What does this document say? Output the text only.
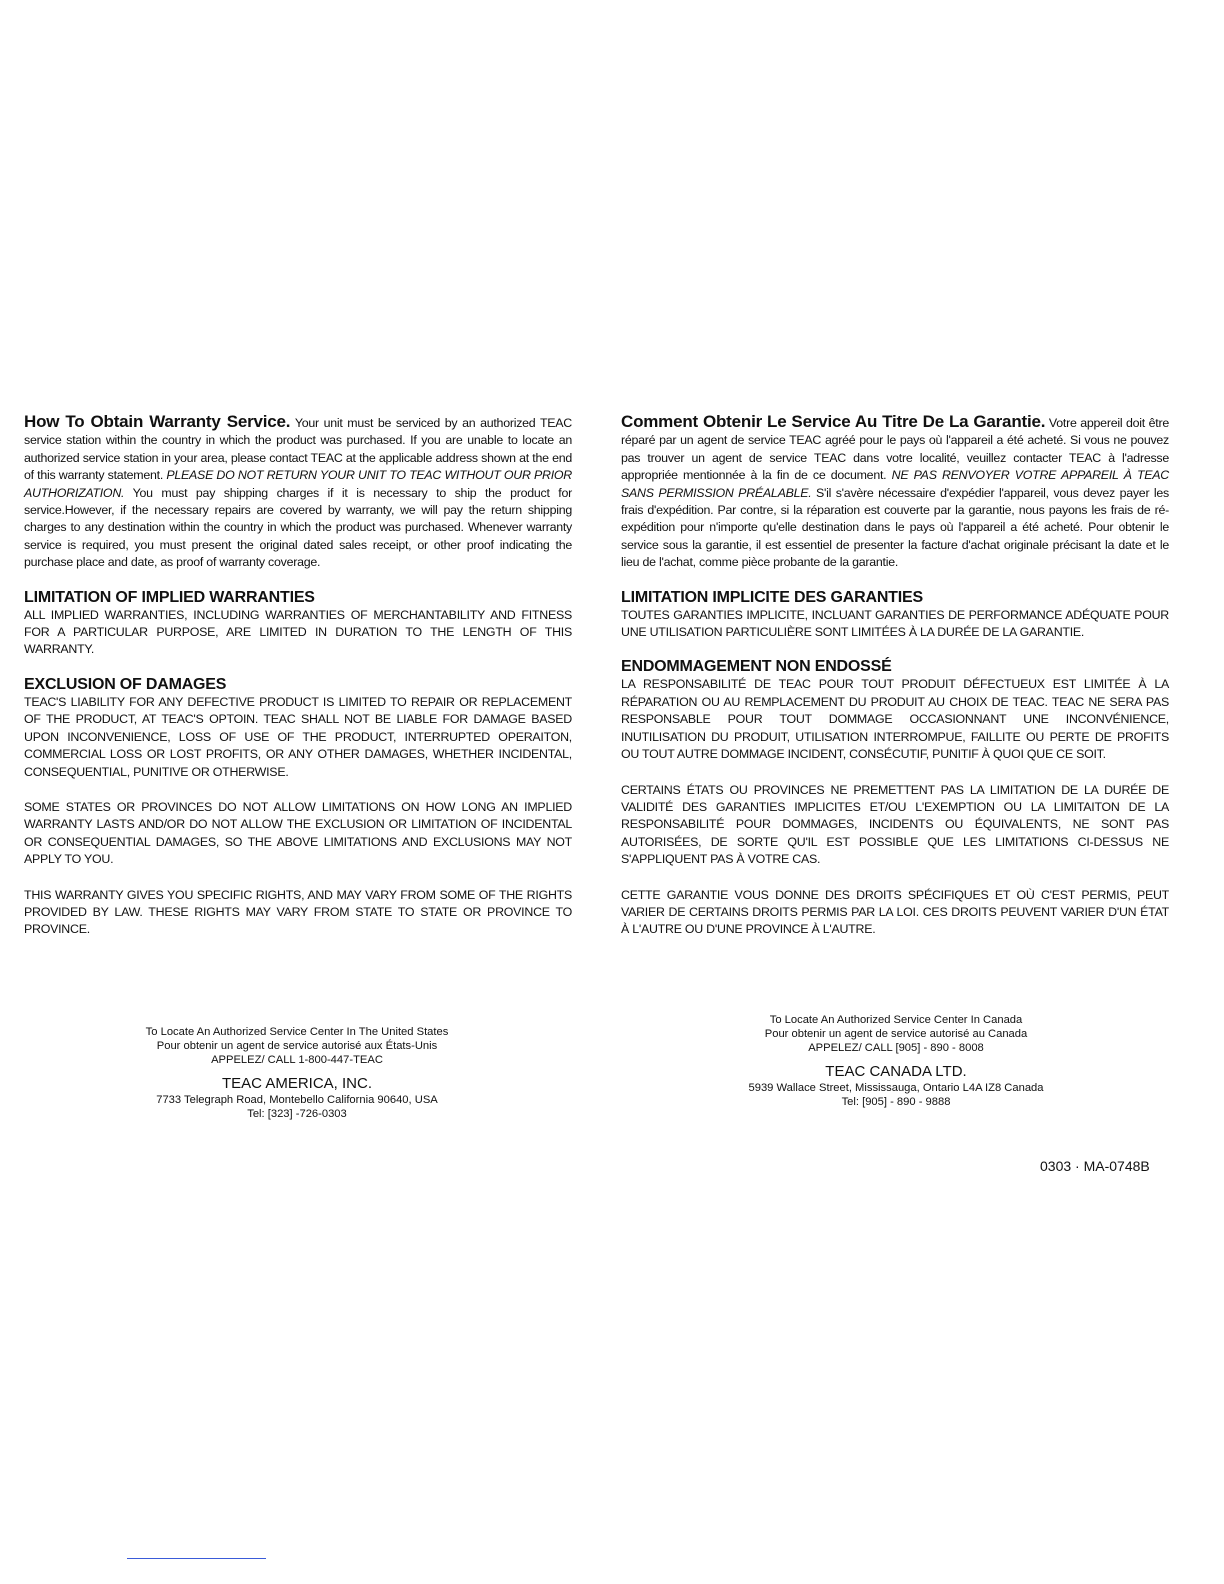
How To Obtain Warranty Service. Your unit must be serviced by an authorized TEAC service station within the country in which the product was purchased. If you are unable to locate an authorized service station in your area, please contact TEAC at the applicable address shown at the end of this warranty statement. PLEASE DO NOT RETURN YOUR UNIT TO TEAC WITHOUT OUR PRIOR AUTHORIZATION. You must pay shipping charges if it is necessary to ship the product for service.However, if the necessary repairs are covered by warranty, we will pay the return shipping charges to any destination within the country in which the product was purchased. Whenever warranty service is required, you must present the original dated sales receipt, or other proof indicating the purchase place and date, as proof of warranty coverage.

LIMITATION OF IMPLIED WARRANTIES

ALL IMPLIED WARRANTIES, INCLUDING WARRANTIES OF MERCHANTABILITY AND FITNESS FOR A PARTICULAR PURPOSE, ARE LIMITED IN DURATION TO THE LENGTH OF THIS WARRANTY.

EXCLUSION OF DAMAGES

TEAC'S LIABILITY FOR ANY DEFECTIVE PRODUCT IS LIMITED TO REPAIR OR REPLACEMENT OF THE PRODUCT, AT TEAC'S OPTOIN. TEAC SHALL NOT BE LIABLE FOR DAMAGE BASED UPON INCONVENIENCE, LOSS OF USE OF THE PRODUCT, INTERRUPTED OPERAITON, COMMERCIAL LOSS OR LOST PROFITS, OR ANY OTHER DAMAGES, WHETHER INCIDENTAL, CONSEQUENTIAL, PUNITIVE OR OTHERWISE.

SOME STATES OR PROVINCES DO NOT ALLOW LIMITATIONS ON HOW LONG AN IMPLIED WARRANTY LASTS AND/OR DO NOT ALLOW THE EXCLUSION OR LIMITATION OF INCIDENTAL OR CONSEQUENTIAL DAMAGES, SO THE ABOVE LIMITATIONS AND EXCLUSIONS MAY NOT APPLY TO YOU.

THIS WARRANTY GIVES YOU SPECIFIC RIGHTS, AND MAY VARY FROM SOME OF THE RIGHTS PROVIDED BY LAW. THESE RIGHTS MAY VARY FROM STATE TO STATE OR PROVINCE TO PROVINCE.

Comment Obtenir Le Service Au Titre De La Garantie. Votre appereil doit être réparé par un agent de service TEAC agréé pour le pays où l'appareil a été acheté. Si vous ne pouvez pas trouver un agent de service TEAC dans votre localité, veuillez contacter TEAC à l'adresse appropriée mentionnée à la fin de ce document. NE PAS RENVOYER VOTRE APPAREIL À TEAC SANS PERMISSION PRÉALABLE. S'il s'avère nécessaire d'expédier l'appareil, vous devez payer les frais d'expédition. Par contre, si la réparation est couverte par la garantie, nous payons les frais de ré-expédition pour n'importe qu'elle destination dans le pays où l'appareil a été acheté. Pour obtenir le service sous la garantie, il est essentiel de presenter la facture d'achat originale précisant la date et le lieu de l'achat, comme pièce probante de la garantie.

LIMITATION IMPLICITE DES GARANTIES

TOUTES GARANTIES IMPLICITE, INCLUANT GARANTIES DE PERFORMANCE ADÉQUATE POUR UNE UTILISATION PARTICULIÈRE SONT LIMITÉES À LA DURÉE DE LA GARANTIE.

ENDOMMAGEMENT NON ENDOSSÉ

LA RESPONSABILITÉ DE TEAC POUR TOUT PRODUIT DÉFECTUEUX EST LIMITÉE À LA RÉPARATION OU AU REMPLACEMENT DU PRODUIT AU CHOIX DE TEAC. TEAC NE SERA PAS RESPONSABLE POUR TOUT DOMMAGE OCCASIONNANT UNE INCONVÉNIENCE, INUTILISATION DU PRODUIT, UTILISATION INTERROMPUE, FAILLITE OU PERTE DE PROFITS OU TOUT AUTRE DOMMAGE INCIDENT, CONSÉCUTIF, PUNITIF À QUOI QUE CE SOIT.

CERTAINS ÉTATS OU PROVINCES NE PREMETTENT PAS LA LIMITATION DE LA DURÉE DE VALIDITÉ DES GARANTIES IMPLICITES ET/OU L'EXEMPTION OU LA LIMITAITON DE LA RESPONSABILITÉ POUR DOMMAGES, INCIDENTS OU ÉQUIVALENTS, NE SONT PAS AUTORISÉES, DE SORTE QU'IL EST POSSIBLE QUE LES LIMITATIONS CI-DESSUS NE S'APPLIQUENT PAS À VOTRE CAS.

CETTE GARANTIE VOUS DONNE DES DROITS SPÉCIFIQUES ET OÙ C'EST PERMIS, PEUT VARIER DE CERTAINS DROITS PERMIS PAR LA LOI. CES DROITS PEUVENT VARIER D'UN ÉTAT À L'AUTRE OU D'UNE PROVINCE À L'AUTRE.

To Locate An Authorized Service Center In The United States
Pour obtenir un agent de service autorisé aux États-Unis
APPELEZ/ CALL 1-800-447-TEAC
TEAC AMERICA, INC.
7733 Telegraph Road, Montebello California 90640, USA
Tel: [323] -726-0303
To Locate An Authorized Service Center In Canada
Pour obtenir un agent de service autorisé au Canada
APPELEZ/ CALL [905] - 890 - 8008
TEAC CANADA LTD.
5939 Wallace Street, Mississauga, Ontario L4A IZ8 Canada
Tel: [905] - 890 - 9888
0303 · MA-0748B
